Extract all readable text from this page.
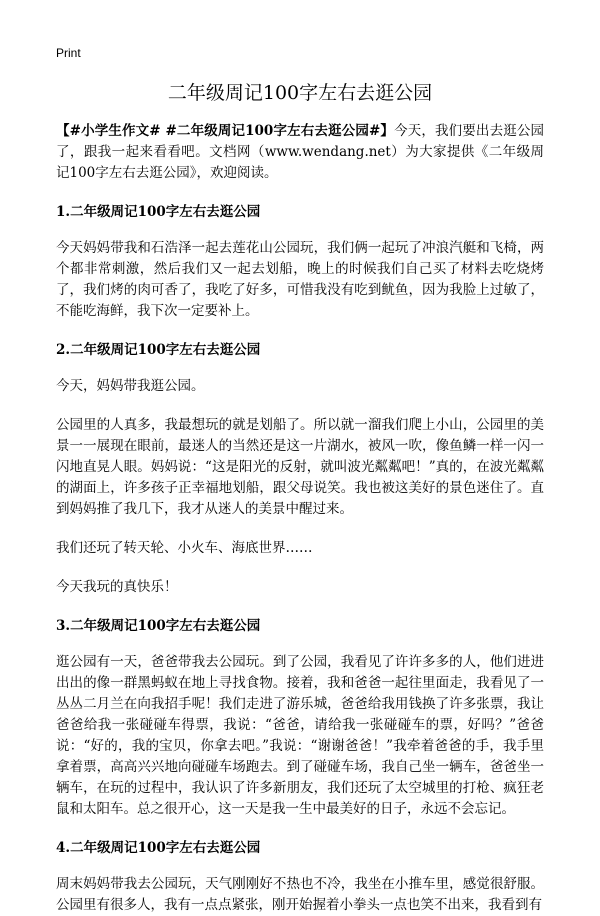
Print
二年级周记100字左右去逛公园

【#小学生作文# #二年级周记100字左右去逛公园#】今天，我们要出去逛公园了，跟我一起来看看吧。文档网（www.wendang.net）为大家提供《二年级周记100字左右去逛公园》，欢迎阅读。

1.二年级周记100字左右去逛公园

今天妈妈带我和石浩泽一起去莲花山公园玩，我们俩一起玩了冲浪汽艇和飞椅，两个都非常刺激，然后我们又一起去划船，晚上的时候我们自己买了材料去吃烧烤了，我们烤的肉可香了，我吃了好多，可惜我没有吃到鱿鱼，因为我脸上过敏了，不能吃海鲜，我下次一定要补上。

2.二年级周记100字左右去逛公园

今天，妈妈带我逛公园。

公园里的人真多，我最想玩的就是划船了。所以就一溜我们爬上小山，公园里的美景一一展现在眼前，最迷人的当然还是这一片湖水，被风一吹，像鱼鳞一样一闪一闪地直晃人眼。妈妈说：“这是阳光的反射，就叫波光粼粼吧！”真的，在波光粼粼的湖面上，许多孩子正幸福地划船，跟父母说笑。我也被这美好的景色迷住了。直到妈妈推了我几下，我才从迷人的美景中醒过来。

我们还玩了转天轮、小火车、海底世界……

今天我玩的真快乐！

3.二年级周记100字左右去逛公园

逛公园有一天，爸爸带我去公园玩。到了公园，我看见了许许多多的人，他们进进出出的像一群黑蚂蚁在地上寻找食物。接着，我和爸爸一起往里面走，我看见了一丛丛二月兰在向我招手呢！我们走进了游乐城，爸爸给我用钱换了许多张票，我让爸爸给我一张碰碰车得票，我说：“爸爸，请给我一张碰碰车的票，好吗？”爸爸说：“好的，我的宝贝，你拿去吧。”我说：“谢谢爸爸！”我牵着爸爸的手，我手里拿着票，高高兴兴地向碰碰车场跑去。到了碰碰车场，我自己坐一辆车，爸爸坐一辆车，在玩的过程中，我认识了许多新朋友，我们还玩了太空城里的打枪、疯狂老鼠和太阳车。总之很开心，这一天是我一生中最美好的日子，永远不会忘记。

4.二年级周记100字左右去逛公园

周末妈妈带我去公园玩，天气刚刚好不热也不冷，我坐在小推车里，感觉很舒服。公园里有很多人，我有一点点紧张，刚开始握着小拳头一点也笑不出来，我看到有
